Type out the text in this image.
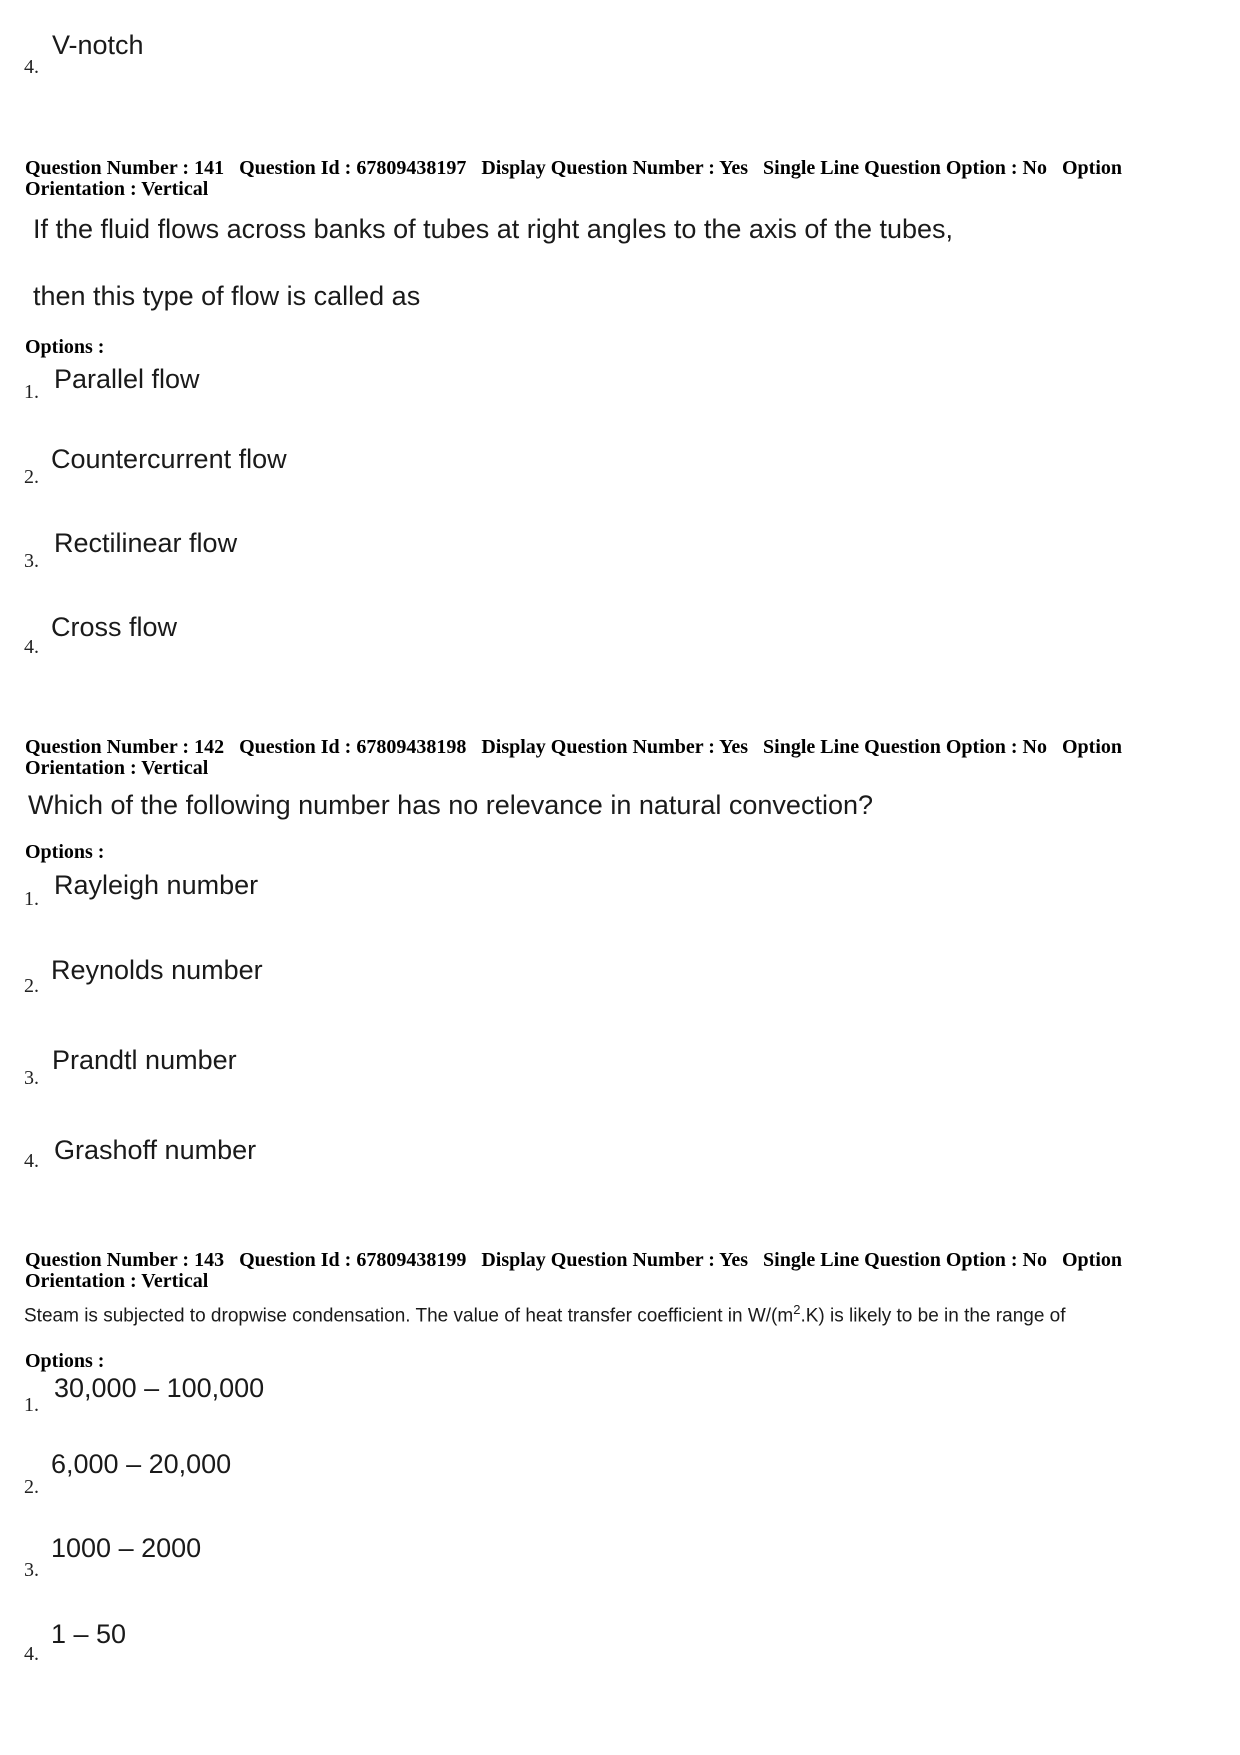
4.
V-notch
Question Number : 141 Question Id : 67809438197 Display Question Number : Yes Single Line Question Option : No Option Orientation : Vertical
If the fluid flows across banks of tubes at right angles to the axis of the tubes,
then this type of flow is called as
Options :
1. Parallel flow
2.
Countercurrent flow
3.
Rectilinear flow
4.
Cross flow
Question Number : 142 Question Id : 67809438198 Display Question Number : Yes Single Line Question Option : No Option Orientation : Vertical
Which of the following number has no relevance in natural convection?
Options :
1. Rayleigh number
2.
Reynolds number
3.
Prandtl number
4. Grashoff number
Question Number : 143 Question Id : 67809438199 Display Question Number : Yes Single Line Question Option : No Option Orientation : Vertical
Steam is subjected to dropwise condensation. The value of heat transfer coefficient in $W/(m^2.K)$ is likely to be in the range of
Options :
1.
30,000 – 100,000
2.
6,000 – 20,000
3.
1000 – 2000
4.
1 – 50
